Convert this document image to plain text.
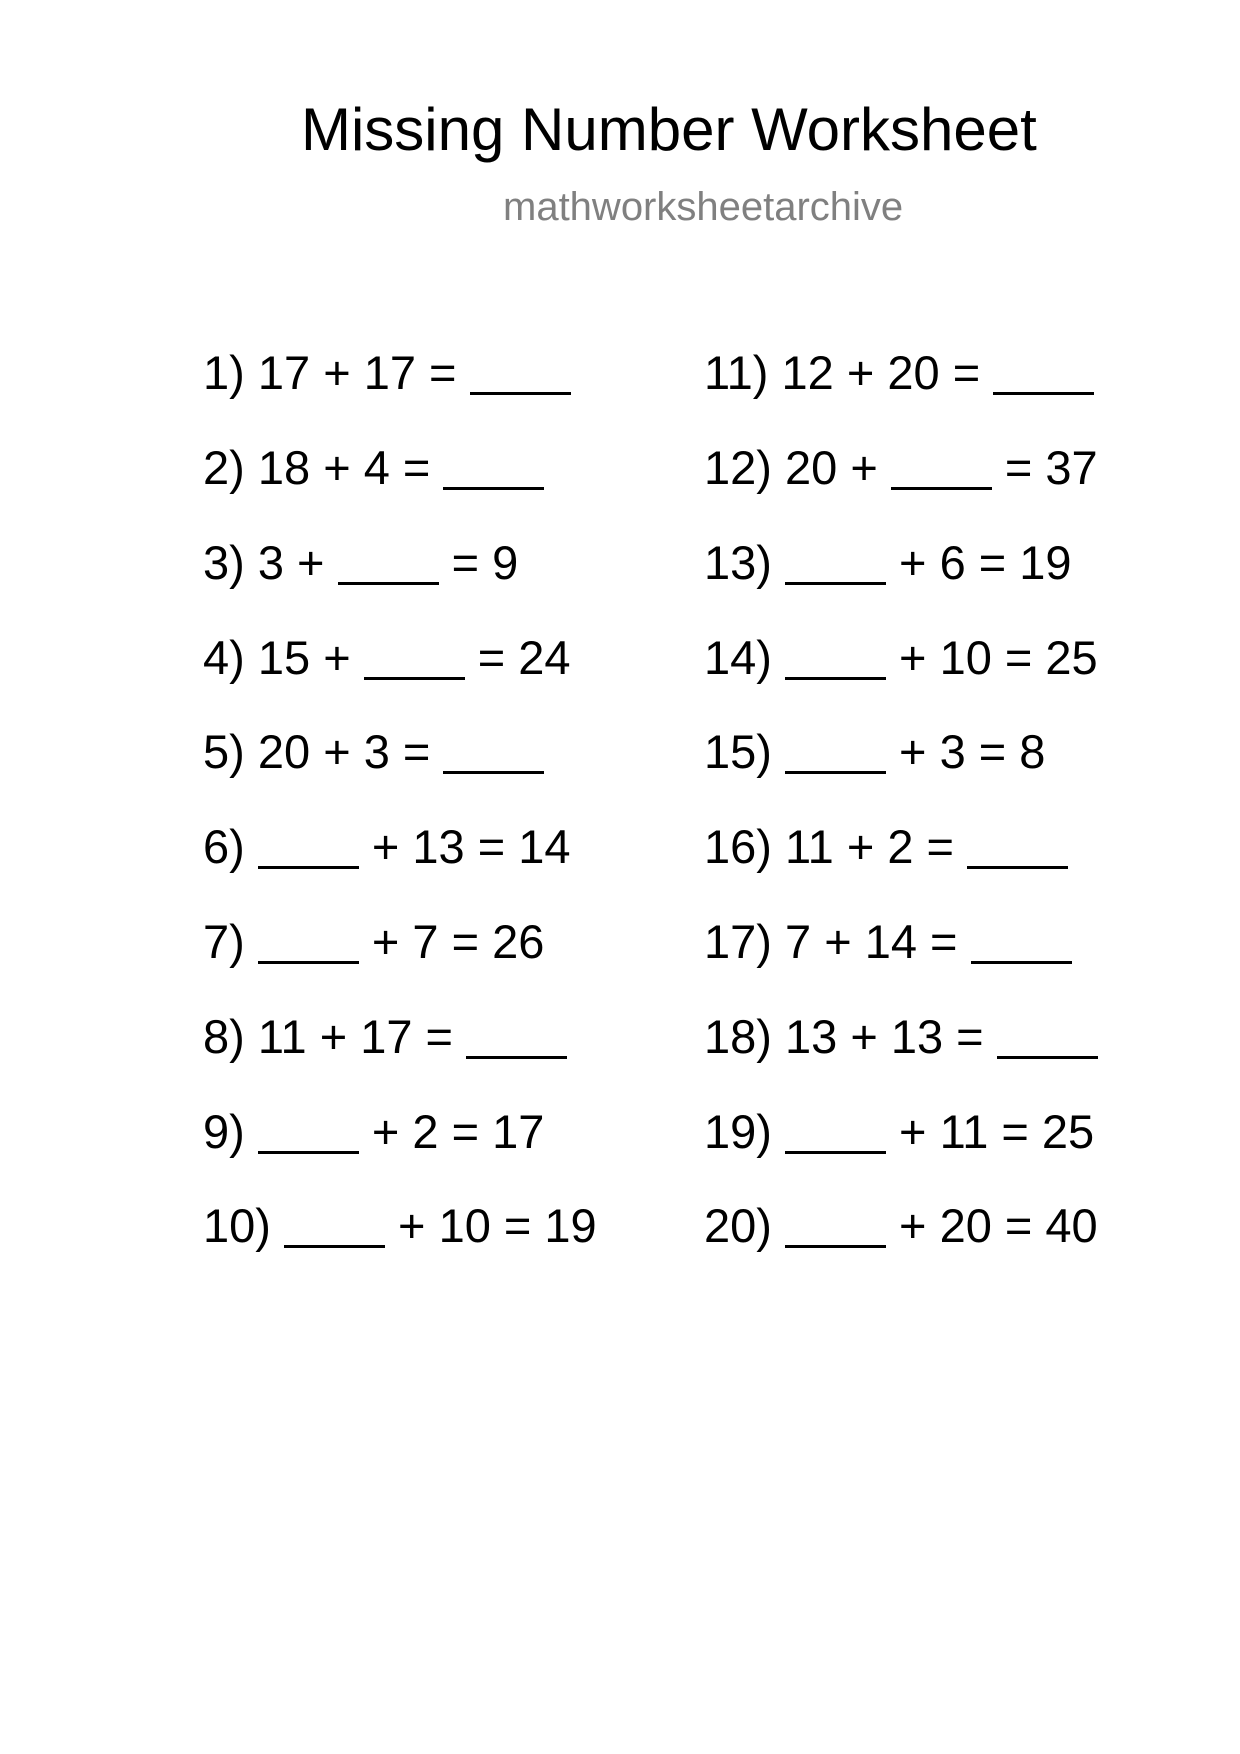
Missing Number Worksheet
mathworksheetarchive
1) 17 + 17 =
2) 18 + 4 =
3) 3 +  = 9
4) 15 +  = 24
5) 20 + 3 =
6)  + 13 = 14
7)  + 7 = 26
8) 11 + 17 =
9)  + 2 = 17
10)  + 10 = 19
11) 12 + 20 =
12) 20 +  = 37
13)  + 6 = 19
14)  + 10 = 25
15)  + 3 = 8
16) 11 + 2 =
17) 7 + 14 =
18) 13 + 13 =
19)  + 11 = 25
20)  + 20 = 40
